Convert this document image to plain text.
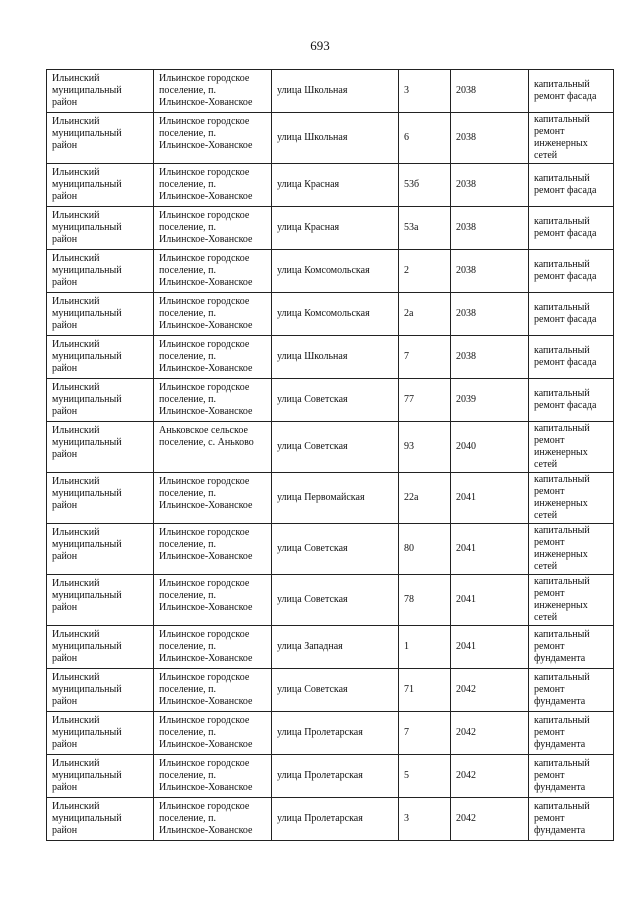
693
Ильинский муниципальный район	Ильинское городское поселение, п. Ильинское-Хованское	улица Школьная	3	2038	капитальный ремонт фасада
Ильинский муниципальный район	Ильинское городское поселение, п. Ильинское-Хованское	улица Школьная	6	2038	капитальный ремонт инженерных сетей
Ильинский муниципальный район	Ильинское городское поселение, п. Ильинское-Хованское	улица Красная	53б	2038	капитальный ремонт фасада
Ильинский муниципальный район	Ильинское городское поселение, п. Ильинское-Хованское	улица Красная	53а	2038	капитальный ремонт фасада
Ильинский муниципальный район	Ильинское городское поселение, п. Ильинское-Хованское	улица Комсомольская	2	2038	капитальный ремонт фасада
Ильинский муниципальный район	Ильинское городское поселение, п. Ильинское-Хованское	улица Комсомольская	2а	2038	капитальный ремонт фасада
Ильинский муниципальный район	Ильинское городское поселение, п. Ильинское-Хованское	улица Школьная	7	2038	капитальный ремонт фасада
Ильинский муниципальный район	Ильинское городское поселение, п. Ильинское-Хованское	улица Советская	77	2039	капитальный ремонт фасада
Ильинский муниципальный район	Аньковское сельское поселение, с. Аньково	улица Советская	93	2040	капитальный ремонт инженерных сетей
Ильинский муниципальный район	Ильинское городское поселение, п. Ильинское-Хованское	улица Первомайская	22а	2041	капитальный ремонт инженерных сетей
Ильинский муниципальный район	Ильинское городское поселение, п. Ильинское-Хованское	улица Советская	80	2041	капитальный ремонт инженерных сетей
Ильинский муниципальный район	Ильинское городское поселение, п. Ильинское-Хованское	улица Советская	78	2041	капитальный ремонт инженерных сетей
Ильинский муниципальный район	Ильинское городское поселение, п. Ильинское-Хованское	улица Западная	1	2041	капитальный ремонт фундамента
Ильинский муниципальный район	Ильинское городское поселение, п. Ильинское-Хованское	улица Советская	71	2042	капитальный ремонт фундамента
Ильинский муниципальный район	Ильинское городское поселение, п. Ильинское-Хованское	улица Пролетарская	7	2042	капитальный ремонт фундамента
Ильинский муниципальный район	Ильинское городское поселение, п. Ильинское-Хованское	улица Пролетарская	5	2042	капитальный ремонт фундамента
Ильинский муниципальный район	Ильинское городское поселение, п. Ильинское-Хованское	улица Пролетарская	3	2042	капитальный ремонт фундамента
